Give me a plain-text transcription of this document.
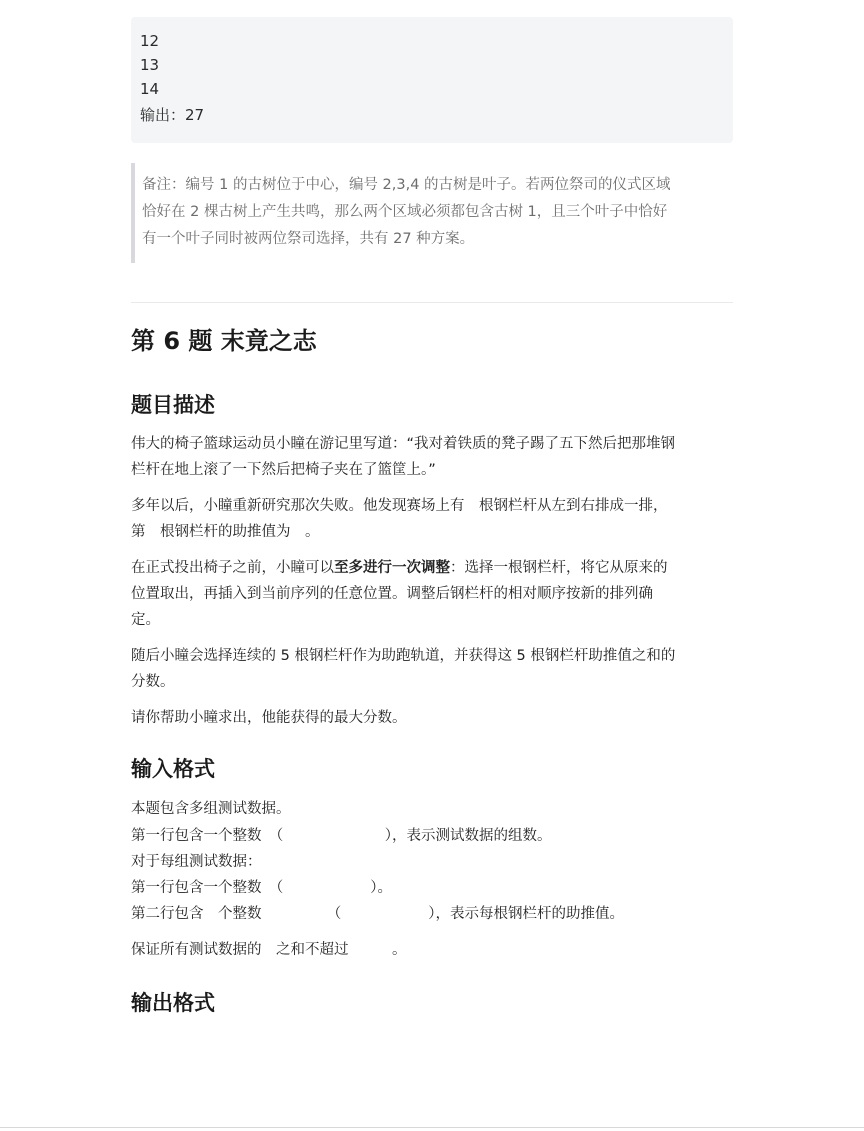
12
13
14
输出：27
备注：编号 1 的古树位于中心，编号 2,3,4 的古树是叶子。若两位祭司的仪式区域
恰好在 2 棵古树上产生共鸣，那么两个区域必须都包含古树 1，且三个叶子中恰好
有一个叶子同时被两位祭司选择，共有 27 种方案。
第 6 题 末竟之志
题目描述
伟大的椅子篮球运动员小瞳在游记里写道：“我对着铁质的凳子踢了五下然后把那堆钢
栏杆在地上滚了一下然后把椅子夹在了篮筐上。”
多年以后，小瞳重新研究那次失败。他发现赛场上有　根钢栏杆从左到右排成一排，
第　根钢栏杆的助推值为　。
在正式投出椅子之前，小瞳可以至多进行一次调整：选择一根钢栏杆，将它从原来的
位置取出，再插入到当前序列的任意位置。调整后钢栏杆的相对顺序按新的排列确
定。
随后小瞳会选择连续的 5 根钢栏杆作为助跑轨道，并获得这 5 根钢栏杆助推值之和的
分数。
请你帮助小瞳求出，他能获得的最大分数。
输入格式
本题包含多组测试数据。
第一行包含一个整数　（　　　　　　　），表示测试数据的组数。
对于每组测试数据：
第一行包含一个整数　（　　　　　　）。
第二行包含　个整数　　　　　（　　　　　　），表示每根钢栏杆的助推值。
保证所有测试数据的　之和不超过　　　。
输出格式
